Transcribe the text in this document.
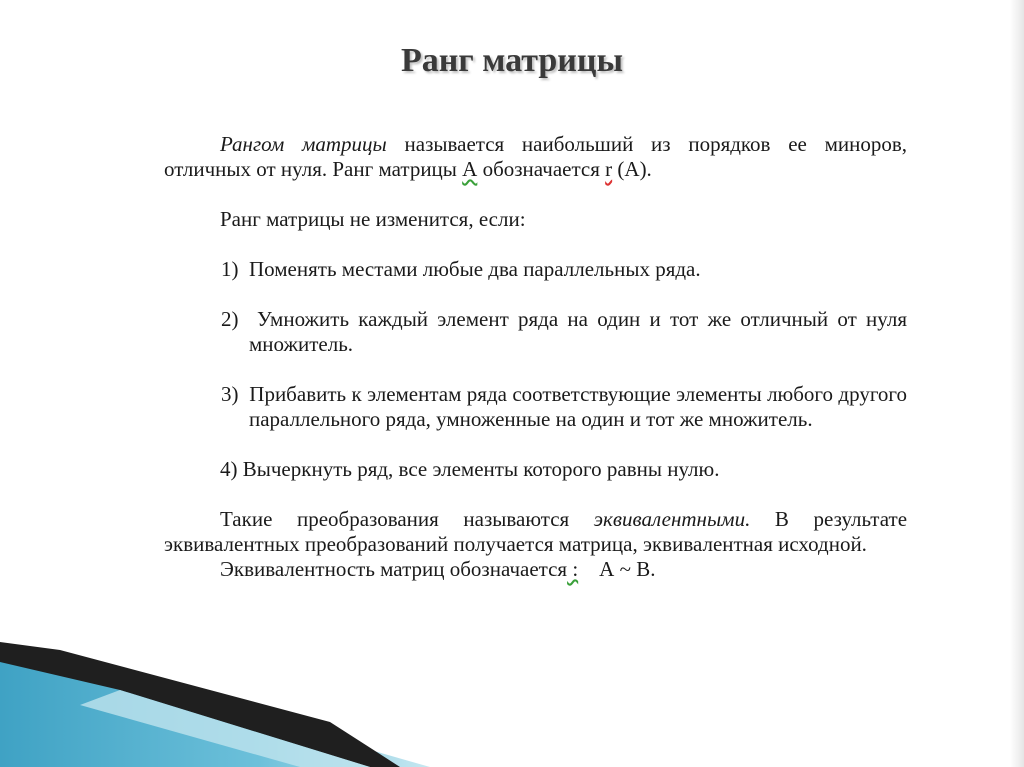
Ранг матрицы

Рангом матрицы называется наибольший из порядков ее миноров, отличных от нуля. Ранг матрицы А обозначается r (А).

Ранг матрицы не изменится, если:

1) Поменять местами любые два параллельных ряда.

2) Умножить каждый элемент ряда на один и тот же отличный от нуля множитель.

3) Прибавить к элементам ряда соответствующие элементы любого другого параллельного ряда, умноженные на один и тот же множитель.

4) Вычеркнуть ряд, все элементы которого равны нулю.

Такие преобразования называются эквивалентными. В результате эквивалентных преобразований получается матрица, эквивалентная исходной.

Эквивалентность матриц обозначается :    А ~ В.
